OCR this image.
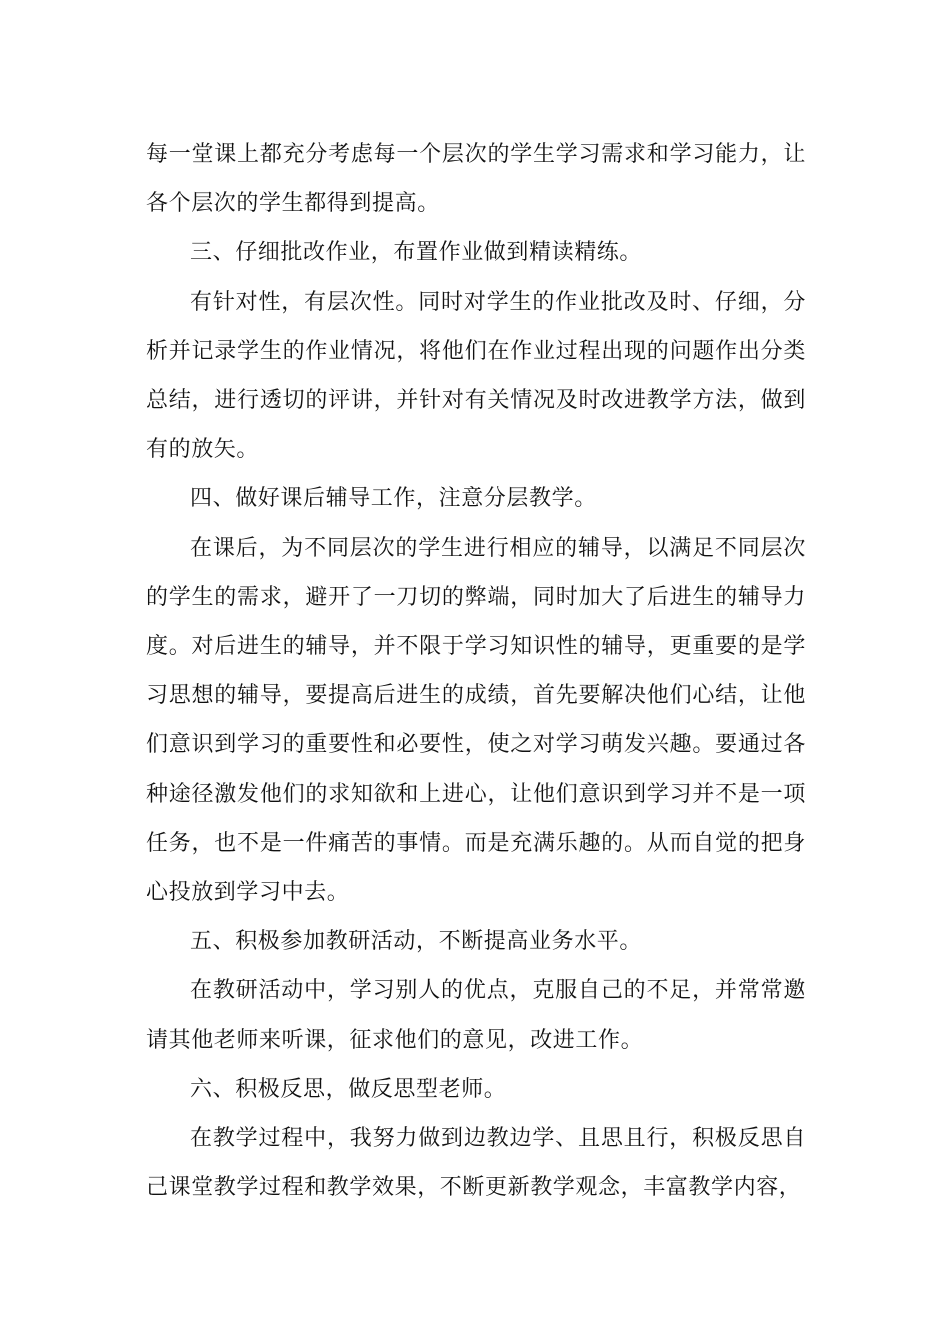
每一堂课上都充分考虑每一个层次的学生学习需求和学习能力，让各个层次的学生都得到提高。

三、仔细批改作业，布置作业做到精读精练。

有针对性，有层次性。同时对学生的作业批改及时、仔细，分析并记录学生的作业情况，将他们在作业过程出现的问题作出分类总结，进行透切的评讲，并针对有关情况及时改进教学方法，做到有的放矢。

四、做好课后辅导工作，注意分层教学。

在课后，为不同层次的学生进行相应的辅导，以满足不同层次的学生的需求，避开了一刀切的弊端，同时加大了后进生的辅导力度。对后进生的辅导，并不限于学习知识性的辅导，更重要的是学习思想的辅导，要提高后进生的成绩，首先要解决他们心结，让他们意识到学习的重要性和必要性，使之对学习萌发兴趣。要通过各种途径激发他们的求知欲和上进心，让他们意识到学习并不是一项任务，也不是一件痛苦的事情。而是充满乐趣的。从而自觉的把身心投放到学习中去。

五、积极参加教研活动，不断提高业务水平。

在教研活动中，学习别人的优点，克服自己的不足，并常常邀请其他老师来听课，征求他们的意见，改进工作。

六、积极反思，做反思型老师。

在教学过程中，我努力做到边教边学、且思且行，积极反思自己课堂教学过程和教学效果，不断更新教学观念，丰富教学内容，
